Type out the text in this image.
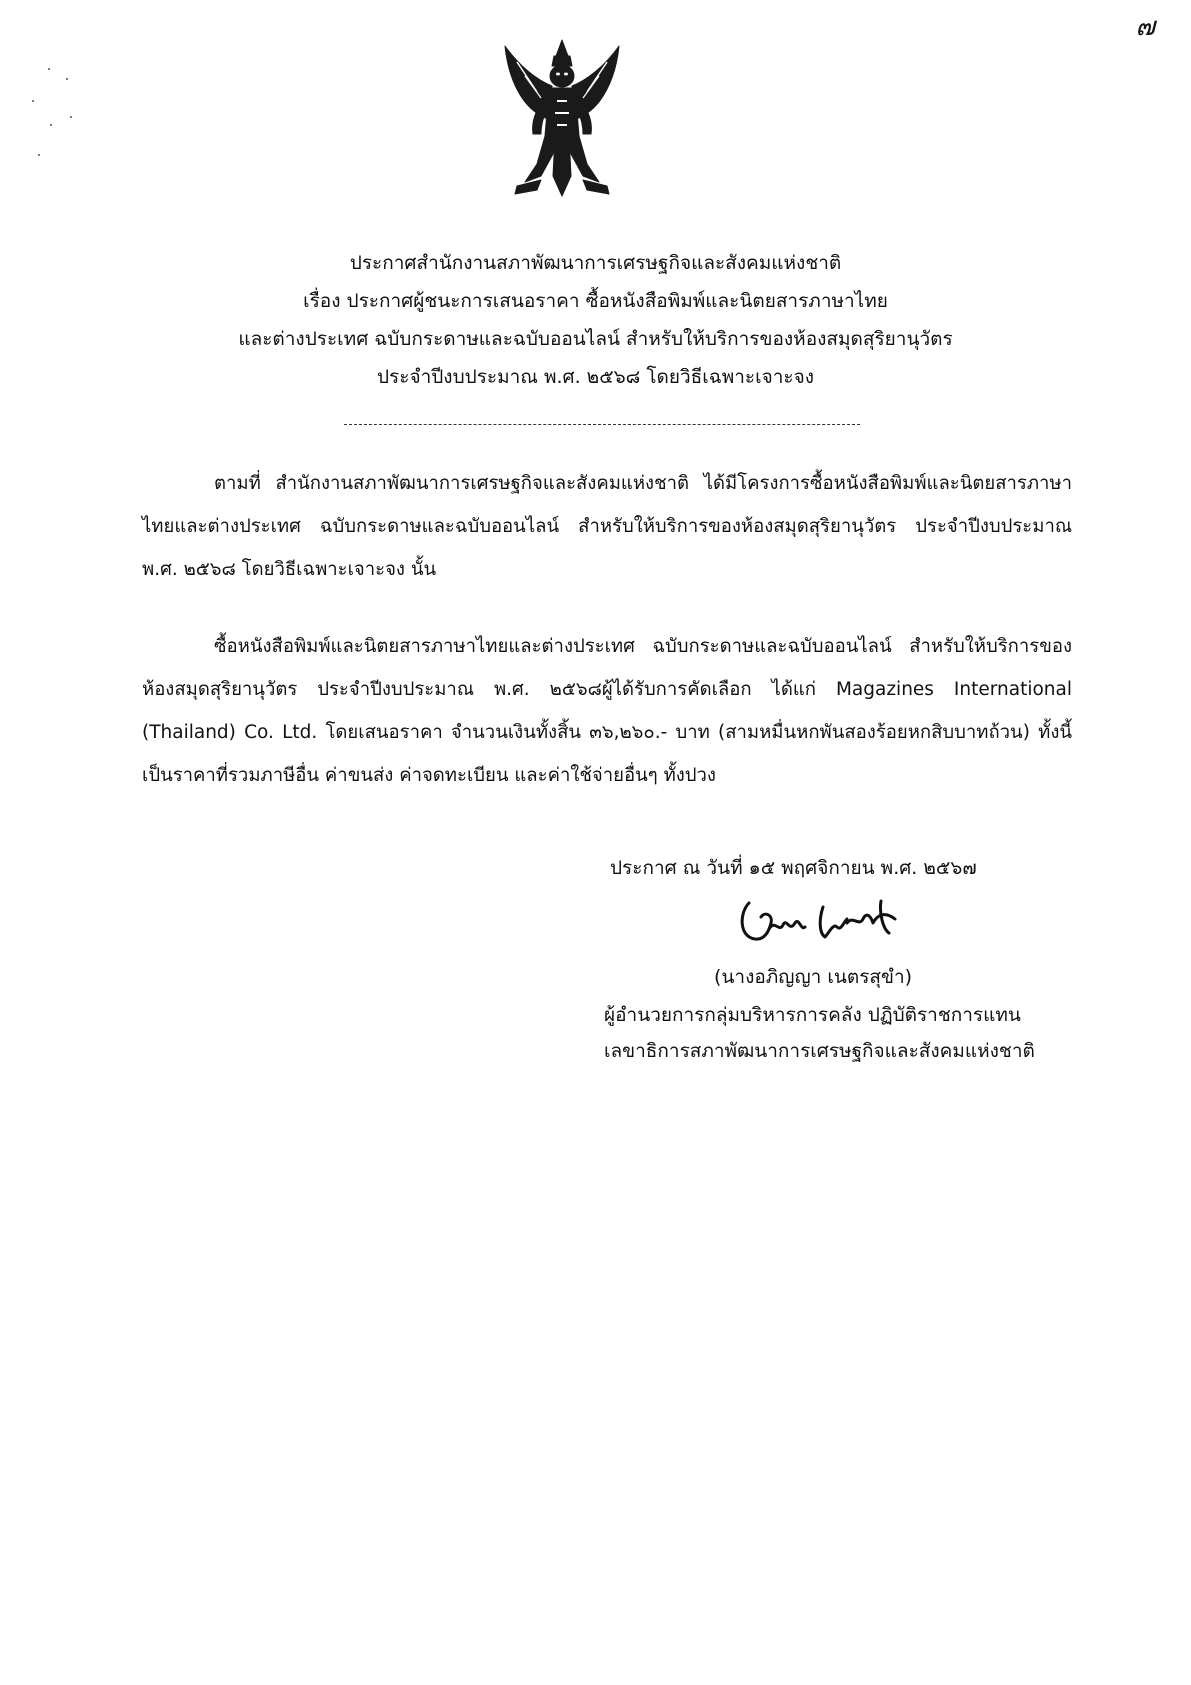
๗
ประกาศสำนักงานสภาพัฒนาการเศรษฐกิจและสังคมแห่งชาติ
เรื่อง ประกาศผู้ชนะการเสนอราคา ซื้อหนังสือพิมพ์และนิตยสารภาษาไทย
และต่างประเทศ ฉบับกระดาษและฉบับออนไลน์ สำหรับให้บริการของห้องสมุดสุริยานุวัตร
ประจำปีงบประมาณ พ.ศ. ๒๕๖๘ โดยวิธีเฉพาะเจาะจง
ตามที่ สำนักงานสภาพัฒนาการเศรษฐกิจและสังคมแห่งชาติ ได้มีโครงการซื้อหนังสือพิมพ์และนิตยสารภาษาไทยและต่างประเทศ ฉบับกระดาษและฉบับออนไลน์ สำหรับให้บริการของห้องสมุดสุริยานุวัตร ประจำปีงบประมาณ พ.ศ. ๒๕๖๘ โดยวิธีเฉพาะเจาะจง นั้น
ซื้อหนังสือพิมพ์และนิตยสารภาษาไทยและต่างประเทศ ฉบับกระดาษและฉบับออนไลน์ สำหรับให้บริการของห้องสมุดสุริยานุวัตร ประจำปีงบประมาณ พ.ศ. ๒๕๖๘ผู้ได้รับการคัดเลือก ได้แก่ Magazines International (Thailand) Co. Ltd. โดยเสนอราคา จำนวนเงินทั้งสิ้น ๓๖,๒๖๐.- บาท (สามหมื่นหกพันสองร้อยหกสิบบาทถ้วน) ทั้งนี้ เป็นราคาที่รวมภาษีอื่น ค่าขนส่ง ค่าจดทะเบียน และค่าใช้จ่ายอื่นๆ ทั้งปวง
ประกาศ ณ วันที่ ๑๕ พฤศจิกายน พ.ศ. ๒๕๖๗
(นางอภิญญา เนตรสุขำ)
ผู้อำนวยการกลุ่มบริหารการคลัง ปฏิบัติราชการแทน
เลขาธิการสภาพัฒนาการเศรษฐกิจและสังคมแห่งชาติ
